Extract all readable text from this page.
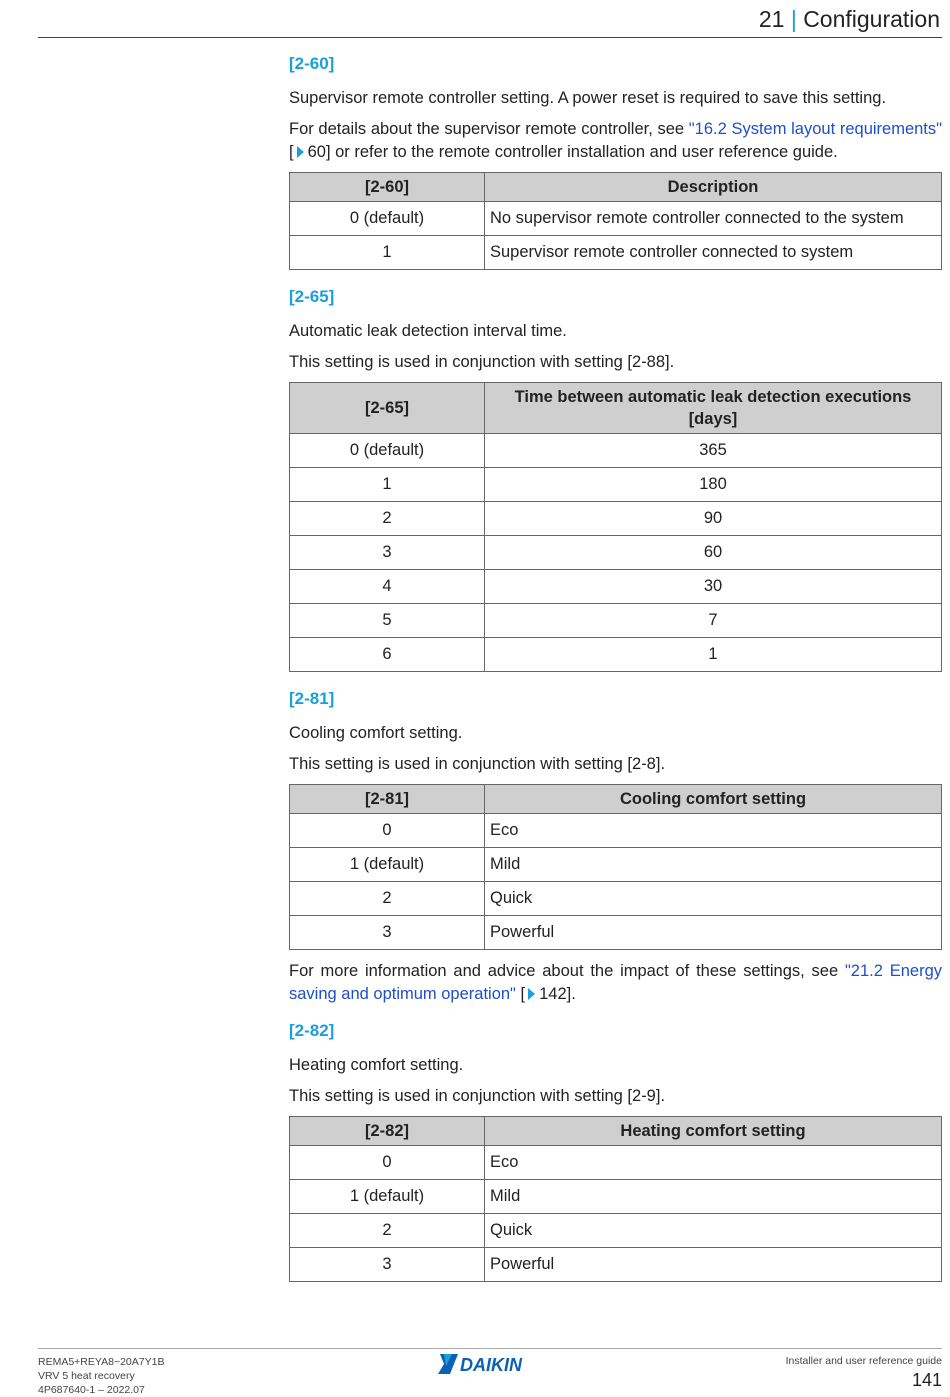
21 | Configuration
[2-60]

Supervisor remote controller setting. A power reset is required to save this setting.

For details about the supervisor remote controller, see "16.2 System layout requirements" [ 60] or refer to the remote controller installation and user reference guide.

[2-60]	Description
0 (default)	No supervisor remote controller connected to the system
1	Supervisor remote controller connected to system
[2-65]

Automatic leak detection interval time.

This setting is used in conjunction with setting [2-88].

[2-65]	Time between automatic leak detection executions [days]
0 (default)	365
1	180
2	90
3	60
4	30
5	7
6	1
[2-81]

Cooling comfort setting.

This setting is used in conjunction with setting [2-8].

[2-81]	Cooling comfort setting
0	Eco
1 (default)	Mild
2	Quick
3	Powerful

For more information and advice about the impact of these settings, see "21.2 Energy saving and optimum operation" [ 142].

[2-82]

Heating comfort setting.

This setting is used in conjunction with setting [2-9].

[2-82]	Heating comfort setting
0	Eco
1 (default)	Mild
2	Quick
3	Powerful
REMA5+REYA8~20A7Y1B
VRV 5 heat recovery
4P687640-1 – 2022.07
DAIKIN	Installer and user reference guide
141
